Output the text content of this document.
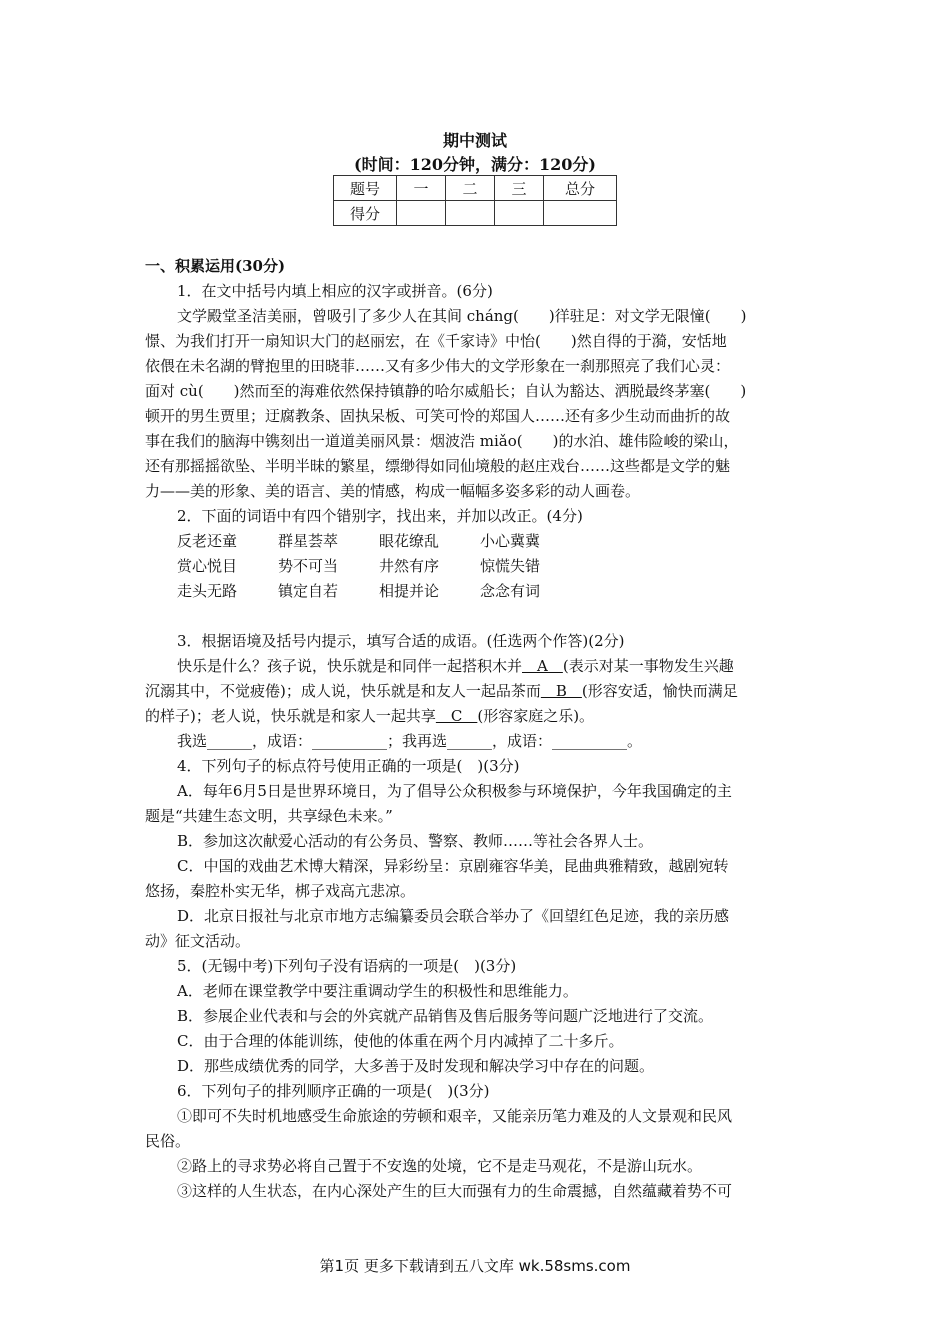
期中测试
(时间：120分钟，满分：120分)
题号	一	二	三	总分
得分				

一、积累运用(30分)

1．在文中括号内填上相应的汉字或拼音。(6分)

文学殿堂圣洁美丽，曾吸引了多少人在其间 cháng(　　)徉驻足：对文学无限憧(　　)

憬、为我们打开一扇知识大门的赵丽宏，在《千家诗》中怡(　　)然自得的于漪，安恬地

依偎在未名湖的臂抱里的田晓菲……又有多少伟大的文学形象在一刹那照亮了我们心灵：

面对 cù(　　)然而至的海难依然保持镇静的哈尔威船长；自认为豁达、洒脱最终茅塞(　　)

顿开的男生贾里；迂腐教条、固执呆板、可笑可怜的郑国人……还有多少生动而曲折的故

事在我们的脑海中镌刻出一道道美丽风景：烟波浩 miǎo(　　)的水泊、雄伟险峻的梁山，

还有那摇摇欲坠、半明半昧的繁星，缥缈得如同仙境般的赵庄戏台……这些都是文学的魅

力——美的形象、美的语言、美的情感，构成一幅幅多姿多彩的动人画卷。

2．下面的词语中有四个错别字，找出来，并加以改正。(4分)

反老还童	群星荟萃	眼花缭乱	小心冀冀
赏心悦目	势不可当	井然有序	惊慌失错
走头无路	镇定自若	相提并论	念念有词

3．根据语境及括号内提示，填写合适的成语。(任选两个作答)(2分)

快乐是什么？孩子说，快乐就是和同伴一起搭积木并　A　(表示对某一事物发生兴趣

沉溺其中，不觉疲倦)；成人说，快乐就是和友人一起品茶而　B　(形容安适，愉快而满足

的样子)；老人说，快乐就是和家人一起共享　C　(形容家庭之乐)。

我选______，成语：__________；我再选______，成语：__________。

4．下列句子的标点符号使用正确的一项是(　)(3分)

A．每年6月5日是世界环境日，为了倡导公众积极参与环境保护，今年我国确定的主

题是“共建生态文明，共享绿色未来。”

B．参加这次献爱心活动的有公务员、警察、教师……等社会各界人士。

C．中国的戏曲艺术博大精深，异彩纷呈：京剧雍容华美，昆曲典雅精致，越剧宛转

悠扬，秦腔朴实无华，梆子戏高亢悲凉。

D．北京日报社与北京市地方志编纂委员会联合举办了《回望红色足迹，我的亲历感

动》征文活动。

5．(无锡中考)下列句子没有语病的一项是(　)(3分)

A．老师在课堂教学中要注重调动学生的积极性和思维能力。

B．参展企业代表和与会的外宾就产品销售及售后服务等问题广泛地进行了交流。

C．由于合理的体能训练，使他的体重在两个月内减掉了二十多斤。

D．那些成绩优秀的同学，大多善于及时发现和解决学习中存在的问题。

6．下列句子的排列顺序正确的一项是(　)(3分)

①即可不失时机地感受生命旅途的劳顿和艰辛，又能亲历笔力难及的人文景观和民风

民俗。

②路上的寻求势必将自己置于不安逸的处境，它不是走马观花，不是游山玩水。

③这样的人生状态，在内心深处产生的巨大而强有力的生命震撼，自然蕴藏着势不可

第1页 更多下载请到五八文库 wk.58sms.com
